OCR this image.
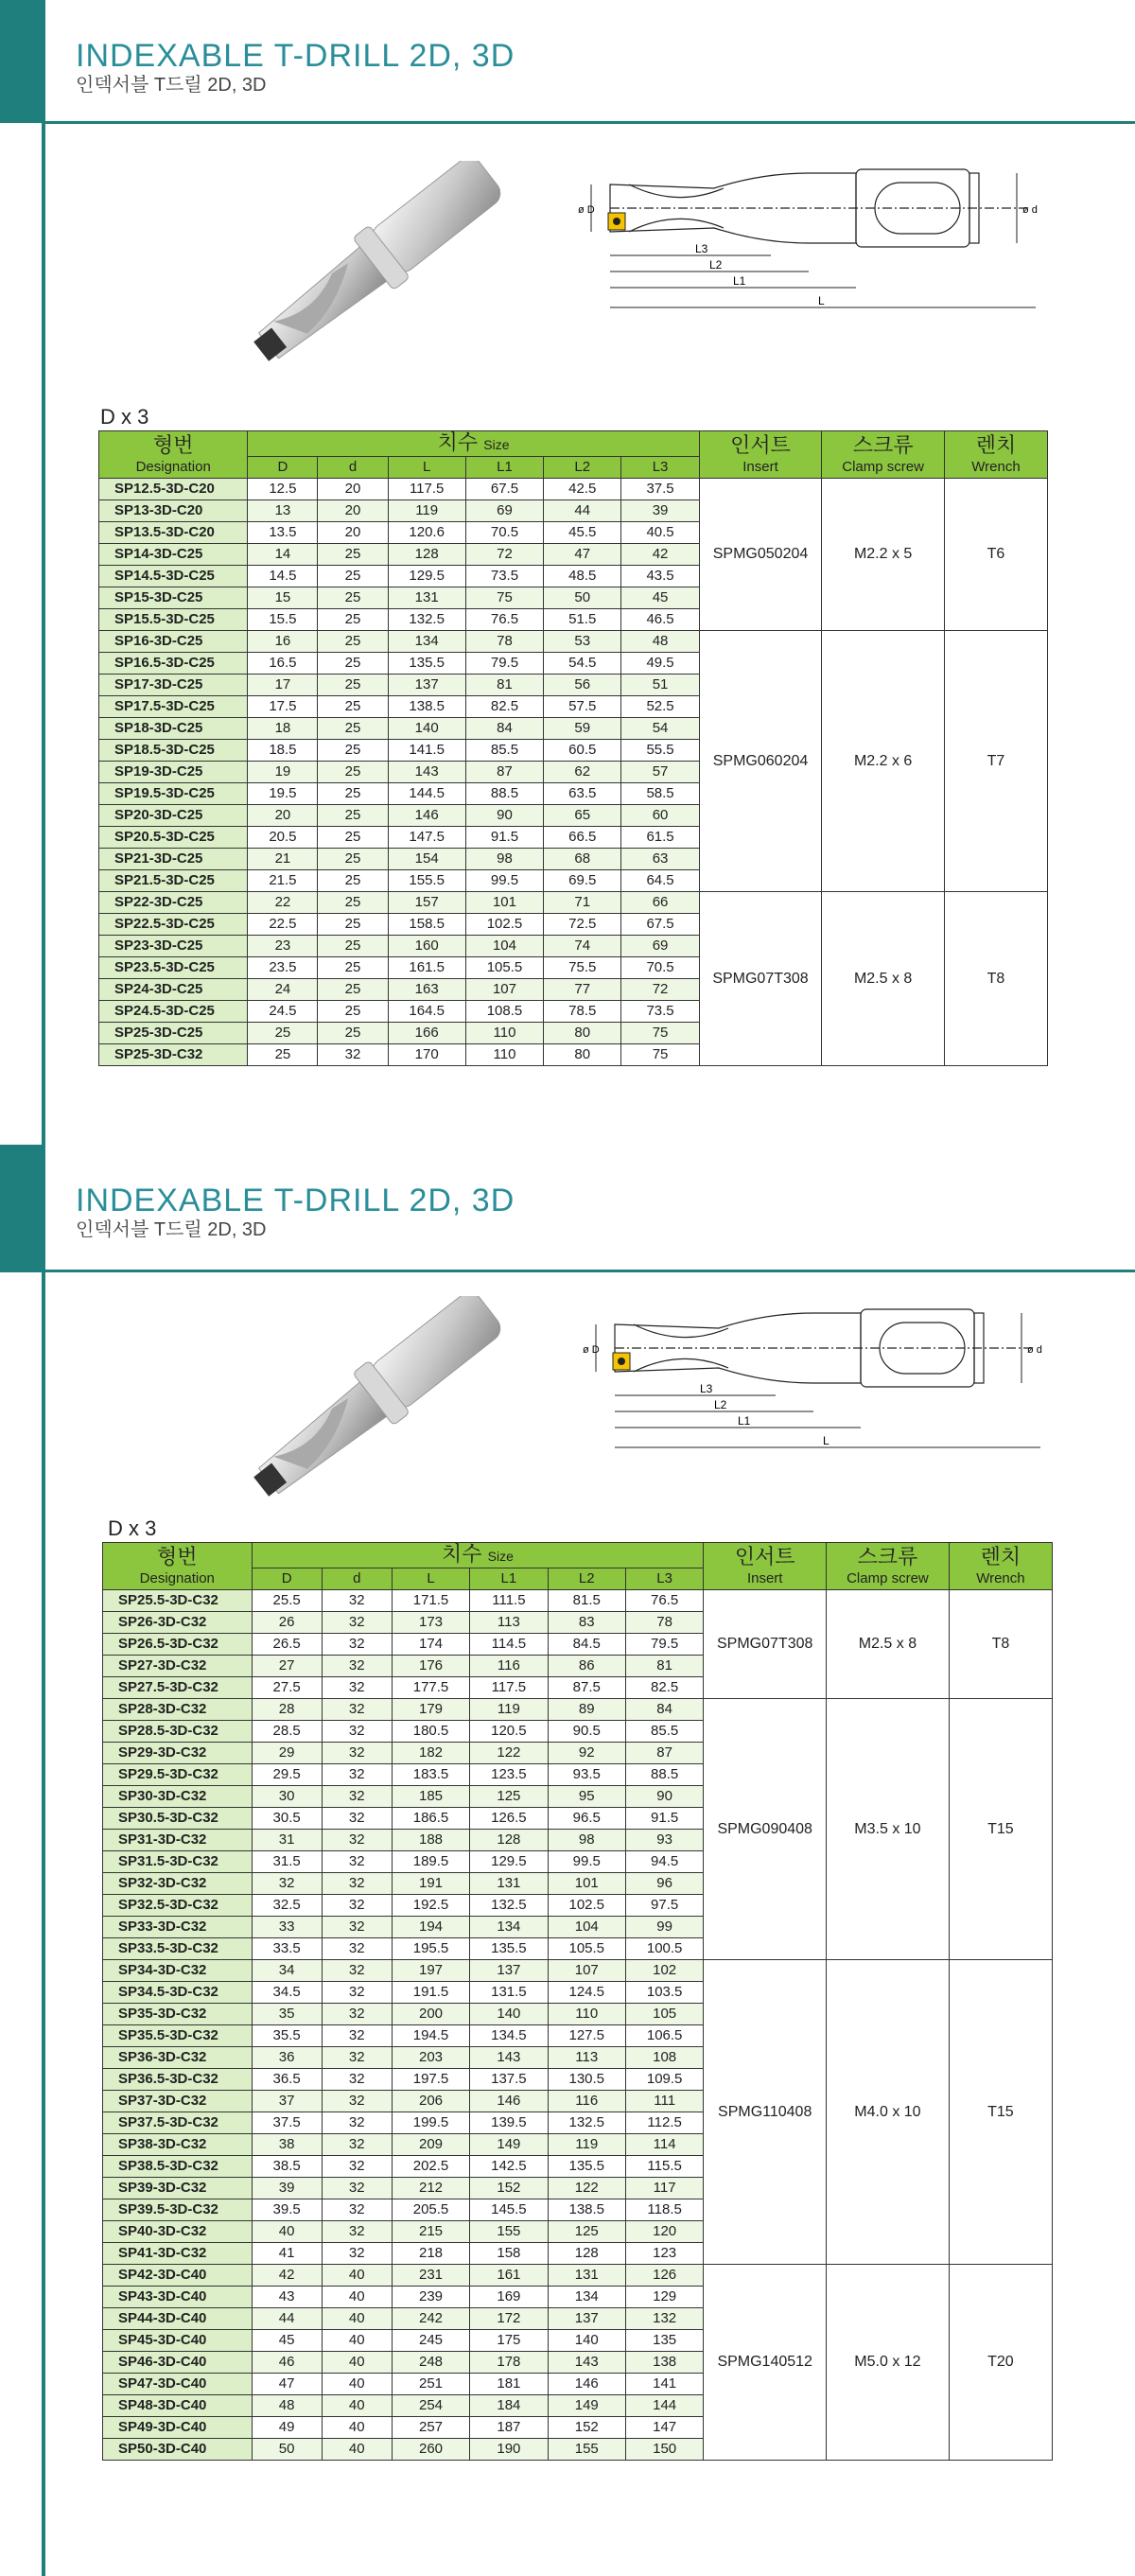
INDEXABLE T-DRILL 2D, 3D
인덱서블 T드릴 2D, 3D
L3
L2
L1
L
ø D	ø d
D x 3
형번	치수 Size						인서트	스크류	렌치
Designation	D	d	L	L1	L2	L3	Insert	Clamp screw	Wrench
SP12.5-3D-C20	12.5	20	117.5	67.5	42.5	37.5	SPMG050204	M2.2 x 5	T6
SP13-3D-C20	13	20	119	69	44	39			
SP13.5-3D-C20	13.5	20	120.6	70.5	45.5	40.5			
SP14-3D-C25	14	25	128	72	47	42			
SP14.5-3D-C25	14.5	25	129.5	73.5	48.5	43.5			
SP15-3D-C25	15	25	131	75	50	45			
SP15.5-3D-C25	15.5	25	132.5	76.5	51.5	46.5			
SP16-3D-C25	16	25	134	78	53	48	SPMG060204	M2.2 x 6	T7
SP16.5-3D-C25	16.5	25	135.5	79.5	54.5	49.5			
SP17-3D-C25	17	25	137	81	56	51			
SP17.5-3D-C25	17.5	25	138.5	82.5	57.5	52.5			
SP18-3D-C25	18	25	140	84	59	54			
SP18.5-3D-C25	18.5	25	141.5	85.5	60.5	55.5			
SP19-3D-C25	19	25	143	87	62	57			
SP19.5-3D-C25	19.5	25	144.5	88.5	63.5	58.5			
SP20-3D-C25	20	25	146	90	65	60			
SP20.5-3D-C25	20.5	25	147.5	91.5	66.5	61.5			
SP21-3D-C25	21	25	154	98	68	63			
SP21.5-3D-C25	21.5	25	155.5	99.5	69.5	64.5			
SP22-3D-C25	22	25	157	101	71	66	SPMG07T308	M2.5 x 8	T8
SP22.5-3D-C25	22.5	25	158.5	102.5	72.5	67.5			
SP23-3D-C25	23	25	160	104	74	69			
SP23.5-3D-C25	23.5	25	161.5	105.5	75.5	70.5			
SP24-3D-C25	24	25	163	107	77	72			
SP24.5-3D-C25	24.5	25	164.5	108.5	78.5	73.5			
SP25-3D-C25	25	25	166	110	80	75			
SP25-3D-C32	25	32	170	110	80	75			
INDEXABLE T-DRILL 2D, 3D
인덱서블 T드릴 2D, 3D
L3
L2
L1
L
ø D	ø d
D x 3
형번	치수 Size						인서트	스크류	렌치
Designation	D	d	L	L1	L2	L3	Insert	Clamp screw	Wrench
SP25.5-3D-C32	25.5	32	171.5	111.5	81.5	76.5	SPMG07T308	M2.5 x 8	T8
SP26-3D-C32	26	32	173	113	83	78			
SP26.5-3D-C32	26.5	32	174	114.5	84.5	79.5			
SP27-3D-C32	27	32	176	116	86	81			
SP27.5-3D-C32	27.5	32	177.5	117.5	87.5	82.5			
SP28-3D-C32	28	32	179	119	89	84	SPMG090408	M3.5 x 10	T15
SP28.5-3D-C32	28.5	32	180.5	120.5	90.5	85.5			
SP29-3D-C32	29	32	182	122	92	87			
SP29.5-3D-C32	29.5	32	183.5	123.5	93.5	88.5			
SP30-3D-C32	30	32	185	125	95	90			
SP30.5-3D-C32	30.5	32	186.5	126.5	96.5	91.5			
SP31-3D-C32	31	32	188	128	98	93			
SP31.5-3D-C32	31.5	32	189.5	129.5	99.5	94.5			
SP32-3D-C32	32	32	191	131	101	96			
SP32.5-3D-C32	32.5	32	192.5	132.5	102.5	97.5			
SP33-3D-C32	33	32	194	134	104	99			
SP33.5-3D-C32	33.5	32	195.5	135.5	105.5	100.5			
SP34-3D-C32	34	32	197	137	107	102	SPMG110408	M4.0 x 10	T15
SP34.5-3D-C32	34.5	32	191.5	131.5	124.5	103.5			
SP35-3D-C32	35	32	200	140	110	105			
SP35.5-3D-C32	35.5	32	194.5	134.5	127.5	106.5			
SP36-3D-C32	36	32	203	143	113	108			
SP36.5-3D-C32	36.5	32	197.5	137.5	130.5	109.5			
SP37-3D-C32	37	32	206	146	116	111			
SP37.5-3D-C32	37.5	32	199.5	139.5	132.5	112.5			
SP38-3D-C32	38	32	209	149	119	114			
SP38.5-3D-C32	38.5	32	202.5	142.5	135.5	115.5			
SP39-3D-C32	39	32	212	152	122	117			
SP39.5-3D-C32	39.5	32	205.5	145.5	138.5	118.5			
SP40-3D-C32	40	32	215	155	125	120			
SP41-3D-C32	41	32	218	158	128	123			
SP42-3D-C40	42	40	231	161	131	126	SPMG140512	M5.0 x 12	T20
SP43-3D-C40	43	40	239	169	134	129			
SP44-3D-C40	44	40	242	172	137	132			
SP45-3D-C40	45	40	245	175	140	135			
SP46-3D-C40	46	40	248	178	143	138			
SP47-3D-C40	47	40	251	181	146	141			
SP48-3D-C40	48	40	254	184	149	144			
SP49-3D-C40	49	40	257	187	152	147			
SP50-3D-C40	50	40	260	190	155	150			
